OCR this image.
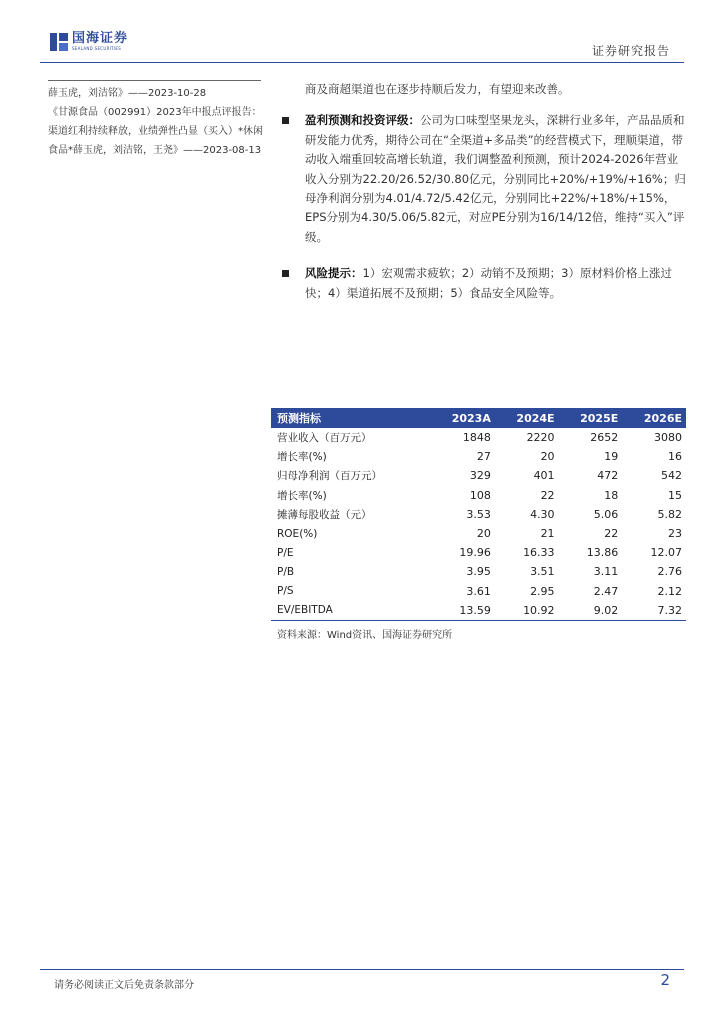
国海证券
SEALAND SECURITIES	证券研究报告

薛玉虎，刘洁铭》——2023-10-28

《甘源食品（002991）2023年中报点评报告：渠道红利持续释放，业绩弹性凸显（买入）*休闲食品*薛玉虎，刘洁铭，王尧》——2023-08-13

商及商超渠道也在逐步持顺后发力，有望迎来改善。

盈利预测和投资评级：公司为口味型坚果龙头，深耕行业多年，产品品质和研发能力优秀，期待公司在“全渠道+多品类”的经营模式下，理顺渠道，带动收入端重回较高增长轨道，我们调整盈利预测，预计2024-2026年营业收入分别为22.20/26.52/30.80亿元，分别同比+20%/+19%/+16%；归母净利润分别为4.01/4.72/5.42亿元，分别同比+22%/+18%/+15%，EPS分别为4.30/5.06/5.82元，对应PE分别为16/14/12倍，维持“买入”评级。

风险提示：1）宏观需求疲软；2）动销不及预期；3）原材料价格上涨过快；4）渠道拓展不及预期；5）食品安全风险等。

预测指标	2023A	2024E	2025E	2026E
营业收入（百万元）	1848	2220	2652	3080
增长率(%)	27	20	19	16
归母净利润（百万元）	329	401	472	542
增长率(%)	108	22	18	15
摊薄每股收益（元）	3.53	4.30	5.06	5.82
ROE(%)	20	21	22	23
P/E	19.96	16.33	13.86	12.07
P/B	3.95	3.51	3.11	2.76
P/S	3.61	2.95	2.47	2.12
EV/EBITDA	13.59	10.92	9.02	7.32
资料来源：Wind资讯、国海证券研究所
请务必阅读正文后免责条款部分	2
